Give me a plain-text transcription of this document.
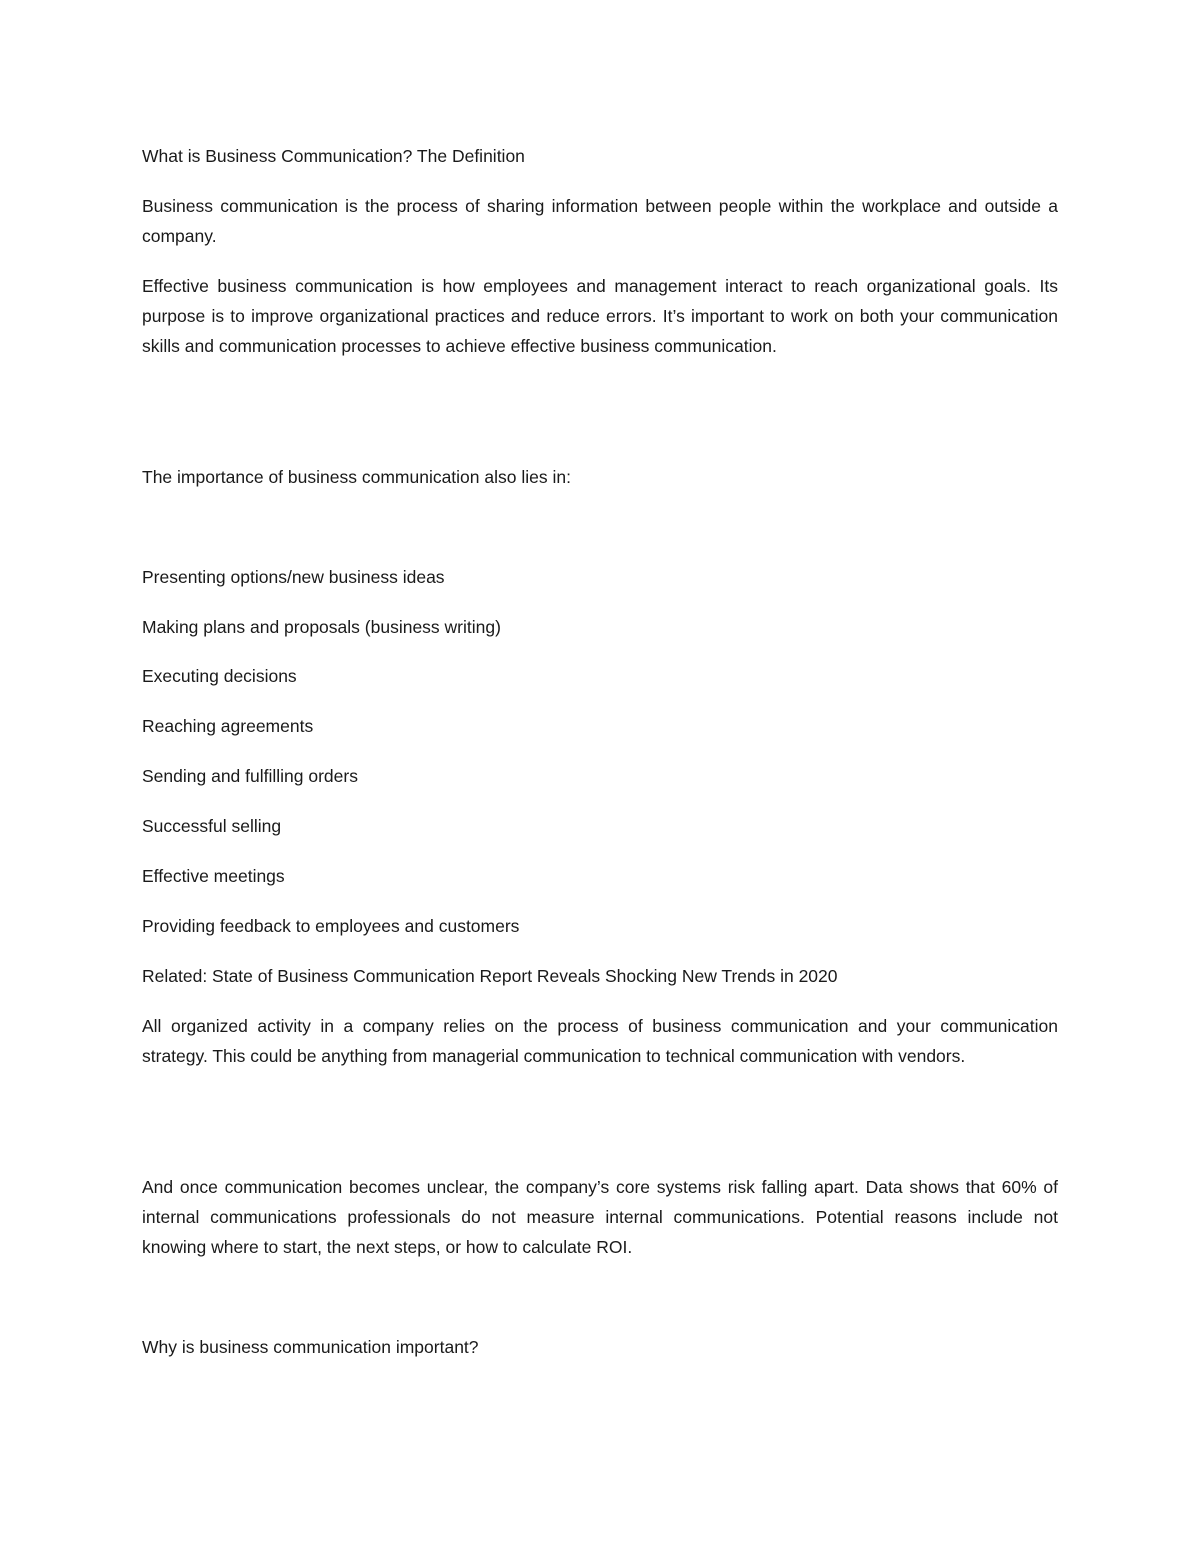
What is Business Communication? The Definition

Business communication is the process of sharing information between people within the workplace and outside a company.

Effective business communication is how employees and management interact to reach organizational goals. Its purpose is to improve organizational practices and reduce errors. It’s important to work on both your communication skills and communication processes to achieve effective business communication.

The importance of business communication also lies in:

Presenting options/new business ideas

Making plans and proposals (business writing)

Executing decisions

Reaching agreements

Sending and fulfilling orders

Successful selling

Effective meetings

Providing feedback to employees and customers

Related: State of Business Communication Report Reveals Shocking New Trends in 2020

All organized activity in a company relies on the process of business communication and your communication strategy. This could be anything from managerial communication to technical communication with vendors.

And once communication becomes unclear, the company’s core systems risk falling apart. Data shows that 60% of internal communications professionals do not measure internal communications. Potential reasons include not knowing where to start, the next steps, or how to calculate ROI.

Why is business communication important?
